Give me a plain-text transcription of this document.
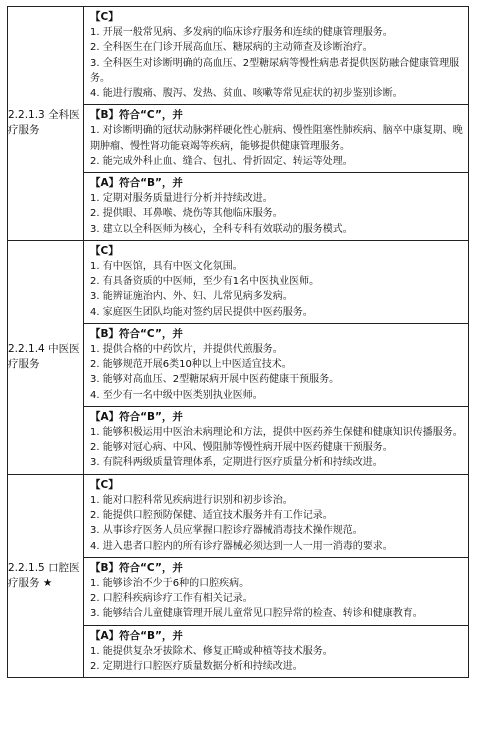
2.2.1.3 全科医疗服务	【C】
1. 开展一般常见病、多发病的临床诊疗服务和连续的健康管理服务。
2. 全科医生在门诊开展高血压、糖尿病的主动筛查及诊断治疗。
3. 全科医生对诊断明确的高血压、2型糖尿病等慢性病患者提供医防融合健康管理服务。
4. 能进行腹痛、腹泻、发热、贫血、咳嗽等常见症状的初步鉴别诊断。

	【B】符合“C”，并
1. 对诊断明确的冠状动脉粥样硬化性心脏病、慢性阻塞性肺疾病、脑卒中康复期、晚期肿瘤、慢性肾功能衰竭等疾病，能够提供健康管理服务。
2. 能完成外科止血、缝合、包扎、骨折固定、转运等处理。

	【A】符合“B”，并
1. 定期对服务质量进行分析并持续改进。
2. 提供眼、耳鼻喉、烧伤等其他临床服务。
3. 建立以全科医师为核心，全科专科有效联动的服务模式。

2.2.1.4 中医医疗服务	【C】
1. 有中医馆，具有中医文化氛围。
2. 有具备资质的中医师，至少有1名中医执业医师。
3. 能辨证施治内、外、妇、儿常见病多发病。
4. 家庭医生团队均能对签约居民提供中医药服务。

	【B】符合“C”，并
1. 提供合格的中药饮片，并提供代煎服务。
2. 能够规范开展6类10种以上中医适宜技术。
3. 能够对高血压、2型糖尿病开展中医药健康干预服务。
4. 至少有一名中级中医类别执业医师。

	【A】符合“B”，并
1. 能够积极运用中医治未病理论和方法，提供中医药养生保健和健康知识传播服务。
2. 能够对冠心病、中风、慢阻肺等慢性病开展中医药健康干预服务。
3. 有院科两级质量管理体系，定期进行医疗质量分析和持续改进。

2.2.1.5 口腔医疗服务 ★	【C】
1. 能对口腔科常见疾病进行识别和初步诊治。
2. 能提供口腔预防保健、适宜技术服务并有工作记录。
3. 从事诊疗医务人员应掌握口腔诊疗器械消毒技术操作规范。
4. 进入患者口腔内的所有诊疗器械必须达到一人一用一消毒的要求。

	【B】符合“C”，并
1. 能够诊治不少于6种的口腔疾病。
2. 口腔科疾病诊疗工作有相关记录。
3. 能够结合儿童健康管理开展儿童常见口腔异常的检查、转诊和健康教育。

	【A】符合“B”，并
1. 能提供复杂牙拔除术、修复正畸或种植等技术服务。
2. 定期进行口腔医疗质量数据分析和持续改进。
